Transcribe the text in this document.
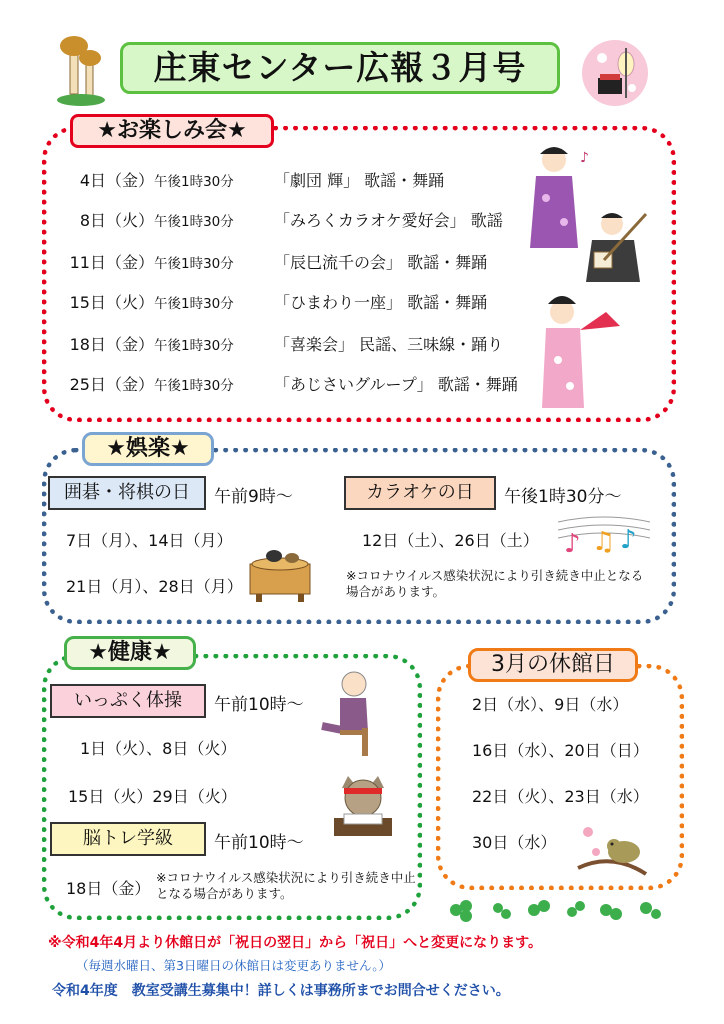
庄東センター広報３月号
★お楽しみ会★
4日（金）午後1時30分	「劇団 輝」 歌謡・舞踊
8日（火）午後1時30分	「みろくカラオケ愛好会」 歌謡
11日（金）午後1時30分	「辰巳流千の会」 歌謡・舞踊
15日（火）午後1時30分	「ひまわり一座」 歌謡・舞踊
18日（金）午後1時30分	「喜楽会」 民謡、三味線・踊り
25日（金）午後1時30分	「あじさいグループ」 歌謡・舞踊
♪
★娯楽★
囲碁・将棋の日	午前9時～
7日（月）、14日（月）
21日（月）、28日（月）
カラオケの日	午後1時30分～
12日（土）、26日（土）
※コロナウイルス感染状況により引き続き中止となる場合があります。
♪ ♫ ♪
★健康★
いっぷく体操	午前10時～
1日（火）、8日（火）
15日（火）29日（火）
脳トレ学級	午前10時～
18日（金）
※コロナウイルス感染状況により引き続き中止となる場合があります。
3月の休館日
2日（水）、9日（水）
16日（水）、20日（日）
22日（火）、23日（水）
30日（水）
※令和4年4月より休館日が「祝日の翌日」から「祝日」へと変更になります。
（毎週水曜日、第3日曜日の休館日は変更ありません。）
令和4年度　教室受講生募集中！詳しくは事務所までお問合せください。
